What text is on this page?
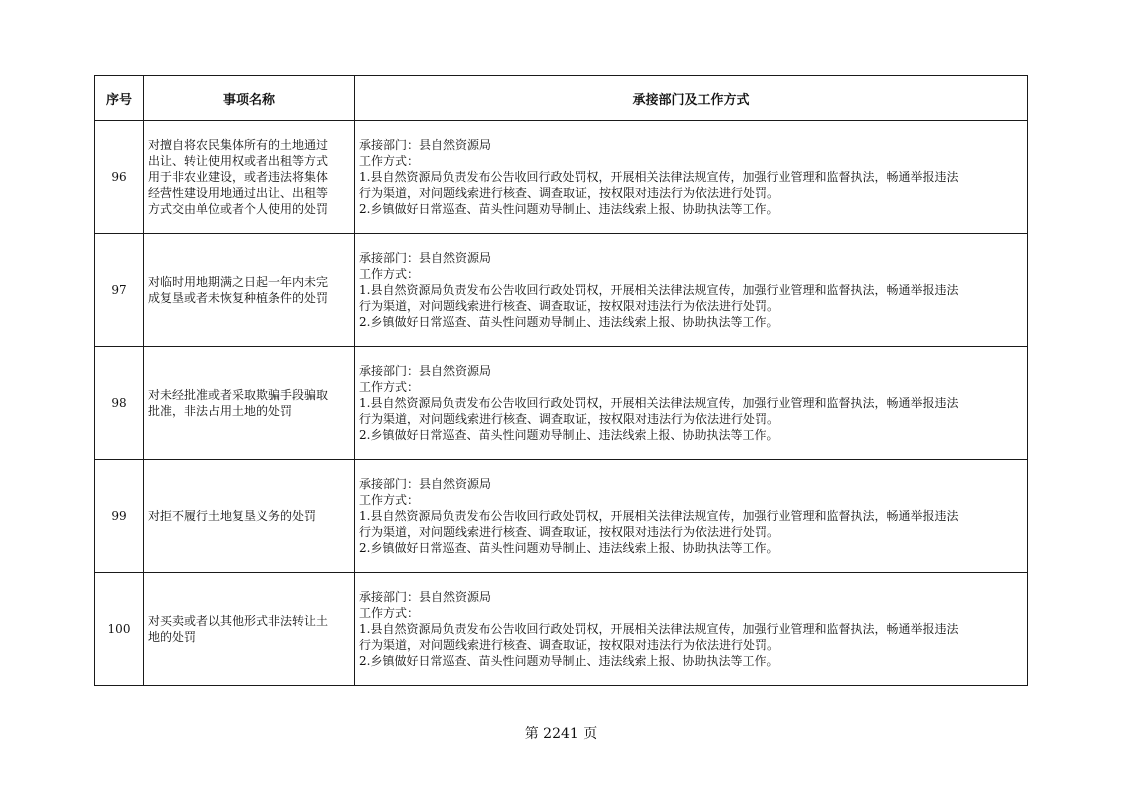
序号	事项名称	承接部门及工作方式
96	对擅自将农民集体所有的土地通过
出让、转让使用权或者出租等方式
用于非农业建设，或者违法将集体
经营性建设用地通过出让、出租等
方式交由单位或者个人使用的处罚	承接部门：县自然资源局
工作方式：
1.县自然资源局负责发布公告收回行政处罚权，开展相关法律法规宣传，加强行业管理和监督执法，畅通举报违法
行为渠道，对问题线索进行核查、调查取证，按权限对违法行为依法进行处罚。
2.乡镇做好日常巡查、苗头性问题劝导制止、违法线索上报、协助执法等工作。

97	对临时用地期满之日起一年内未完
成复垦或者未恢复种植条件的处罚	承接部门：县自然资源局
工作方式：
1.县自然资源局负责发布公告收回行政处罚权，开展相关法律法规宣传，加强行业管理和监督执法，畅通举报违法
行为渠道，对问题线索进行核查、调查取证，按权限对违法行为依法进行处罚。
2.乡镇做好日常巡查、苗头性问题劝导制止、违法线索上报、协助执法等工作。

98	对未经批准或者采取欺骗手段骗取
批准，非法占用土地的处罚	承接部门：县自然资源局
工作方式：
1.县自然资源局负责发布公告收回行政处罚权，开展相关法律法规宣传，加强行业管理和监督执法，畅通举报违法
行为渠道，对问题线索进行核查、调查取证，按权限对违法行为依法进行处罚。
2.乡镇做好日常巡查、苗头性问题劝导制止、违法线索上报、协助执法等工作。

99	对拒不履行土地复垦义务的处罚	承接部门：县自然资源局
工作方式：
1.县自然资源局负责发布公告收回行政处罚权，开展相关法律法规宣传，加强行业管理和监督执法，畅通举报违法
行为渠道，对问题线索进行核查、调查取证，按权限对违法行为依法进行处罚。
2.乡镇做好日常巡查、苗头性问题劝导制止、违法线索上报、协助执法等工作。

100	对买卖或者以其他形式非法转让土
地的处罚	承接部门：县自然资源局
工作方式：
1.县自然资源局负责发布公告收回行政处罚权，开展相关法律法规宣传，加强行业管理和监督执法，畅通举报违法
行为渠道，对问题线索进行核查、调查取证，按权限对违法行为依法进行处罚。
2.乡镇做好日常巡查、苗头性问题劝导制止、违法线索上报、协助执法等工作。
第 2241 页
